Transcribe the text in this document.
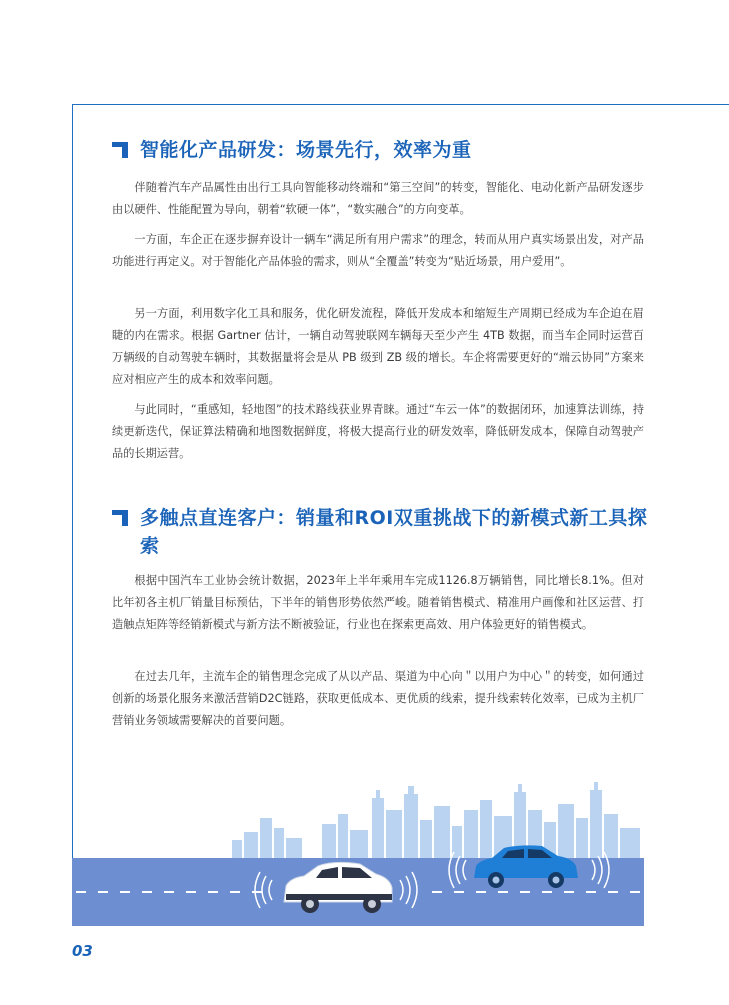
智能化产品研发：场景先行，效率为重

伴随着汽车产品属性由出行工具向智能移动终端和“第三空间”的转变，智能化、电动化新产品研发逐步由以硬件、性能配置为导向，朝着“软硬一体”，“数实融合”的方向变革。

一方面，车企正在逐步摒弃设计一辆车“满足所有用户需求”的理念，转而从用户真实场景出发，对产品功能进行再定义。对于智能化产品体验的需求，则从“全覆盖”转变为“贴近场景，用户爱用”。

另一方面，利用数字化工具和服务，优化研发流程，降低开发成本和缩短生产周期已经成为车企迫在眉睫的内在需求。根据 Gartner 估计，一辆自动驾驶联网车辆每天至少产生 4TB 数据，而当车企同时运营百万辆级的自动驾驶车辆时，其数据量将会是从 PB 级到 ZB 级的增长。车企将需要更好的“端云协同”方案来应对相应产生的成本和效率问题。

与此同时，“重感知，轻地图”的技术路线获业界青睐。通过“车云一体”的数据闭环，加速算法训练，持续更新迭代，保证算法精确和地图数据鲜度，将极大提高行业的研发效率，降低研发成本，保障自动驾驶产品的长期运营。

多触点直连客户：销量和ROI双重挑战下的新模式新工具探索

根据中国汽车工业协会统计数据，2023年上半年乘用车完成1126.8万辆销售，同比增长8.1%。但对比年初各主机厂销量目标预估，下半年的销售形势依然严峻。随着销售模式、精准用户画像和社区运营、打造触点矩阵等经销新模式与新方法不断被验证，行业也在探索更高效、用户体验更好的销售模式。

在过去几年，主流车企的销售理念完成了从以产品、渠道为中心向＂以用户为中心＂的转变，如何通过创新的场景化服务来激活营销D2C链路，获取更低成本、更优质的线索，提升线索转化效率，已成为主机厂营销业务领域需要解决的首要问题。

03
